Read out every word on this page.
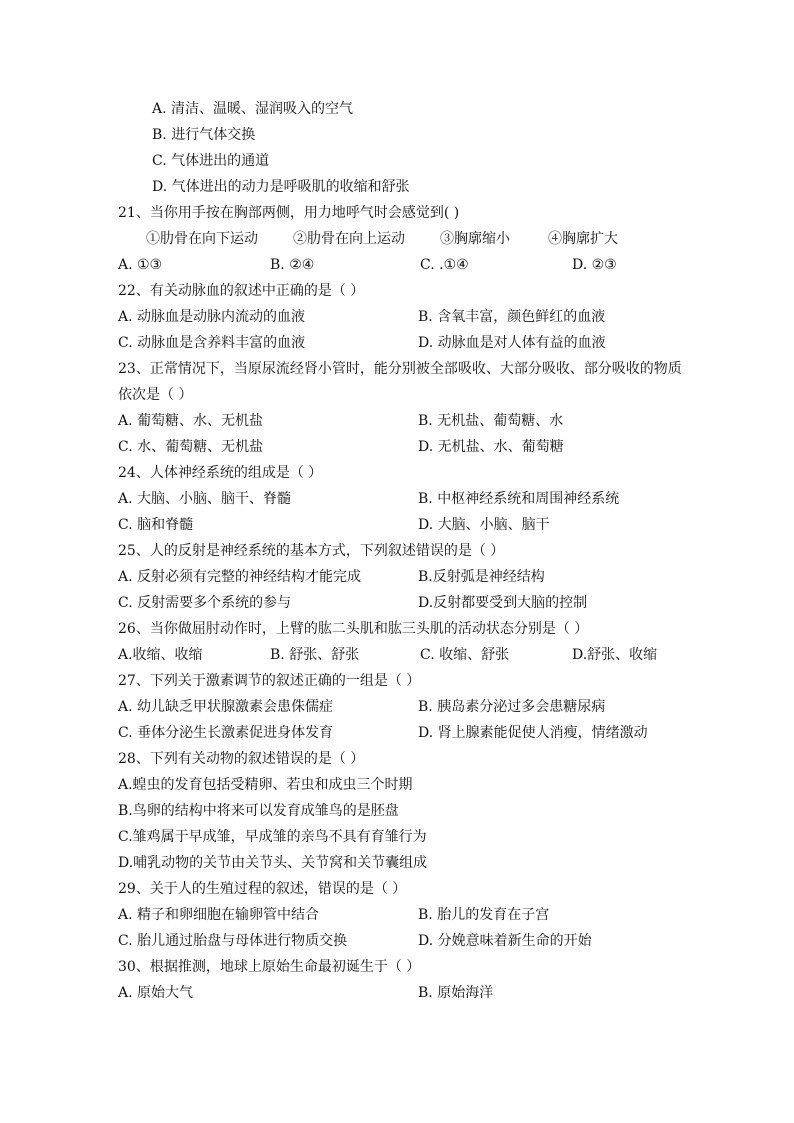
A. 清洁、温暖、湿润吸入的空气
B. 进行气体交换
C. 气体进出的通道
D. 气体进出的动力是呼吸肌的收缩和舒张
21、当你用手按在胸部两侧，用力地呼气时会感觉到( )
①肋骨在向下运动	②肋骨在向上运动	③胸廓缩小	④胸廓扩大
A. ①③	B. ②④	C. .①④	D. ②③
22、有关动脉血的叙述中正确的是（ ）
A. 动脉血是动脉内流动的血液	B. 含氧丰富，颜色鲜红的血液
C. 动脉血是含养料丰富的血液	D. 动脉血是对人体有益的血液
23、正常情况下，当原尿流经肾小管时，能分别被全部吸收、大部分吸收、部分吸收的物质
依次是（ ）
A. 葡萄糖、水、无机盐	B. 无机盐、葡萄糖、水
C. 水、葡萄糖、无机盐	D. 无机盐、水、葡萄糖
24、人体神经系统的组成是（ ）
A. 大脑、小脑、脑干、脊髓	B. 中枢神经系统和周围神经系统
C. 脑和脊髓	D. 大脑、小脑、脑干
25、人的反射是神经系统的基本方式，下列叙述错误的是（ ）
A. 反射必须有完整的神经结构才能完成	B.反射弧是神经结构
C. 反射需要多个系统的参与	D.反射都要受到大脑的控制
26、当你做屈肘动作时，上臂的肱二头肌和肱三头肌的活动状态分别是（ ）
A.收缩、收缩	B. 舒张、舒张	C. 收缩、舒张	D.舒张、收缩
27、下列关于激素调节的叙述正确的一组是（ ）
A. 幼儿缺乏甲状腺激素会患侏儒症	B. 胰岛素分泌过多会患糖尿病
C. 垂体分泌生长激素促进身体发育	D. 肾上腺素能促使人消瘦，情绪激动
28、下列有关动物的叙述错误的是（ ）
A.蝗虫的发育包括受精卵、若虫和成虫三个时期
B.鸟卵的结构中将来可以发育成雏鸟的是胚盘
C.雏鸡属于早成雏，早成雏的亲鸟不具有育雏行为
D.哺乳动物的关节由关节头、关节窝和关节囊组成
29、关于人的生殖过程的叙述，错误的是（ ）
A. 精子和卵细胞在输卵管中结合	B. 胎儿的发育在子宫
C. 胎儿通过胎盘与母体进行物质交换	D. 分娩意味着新生命的开始
30、根据推测，地球上原始生命最初诞生于（ ）
A. 原始大气	B. 原始海洋
